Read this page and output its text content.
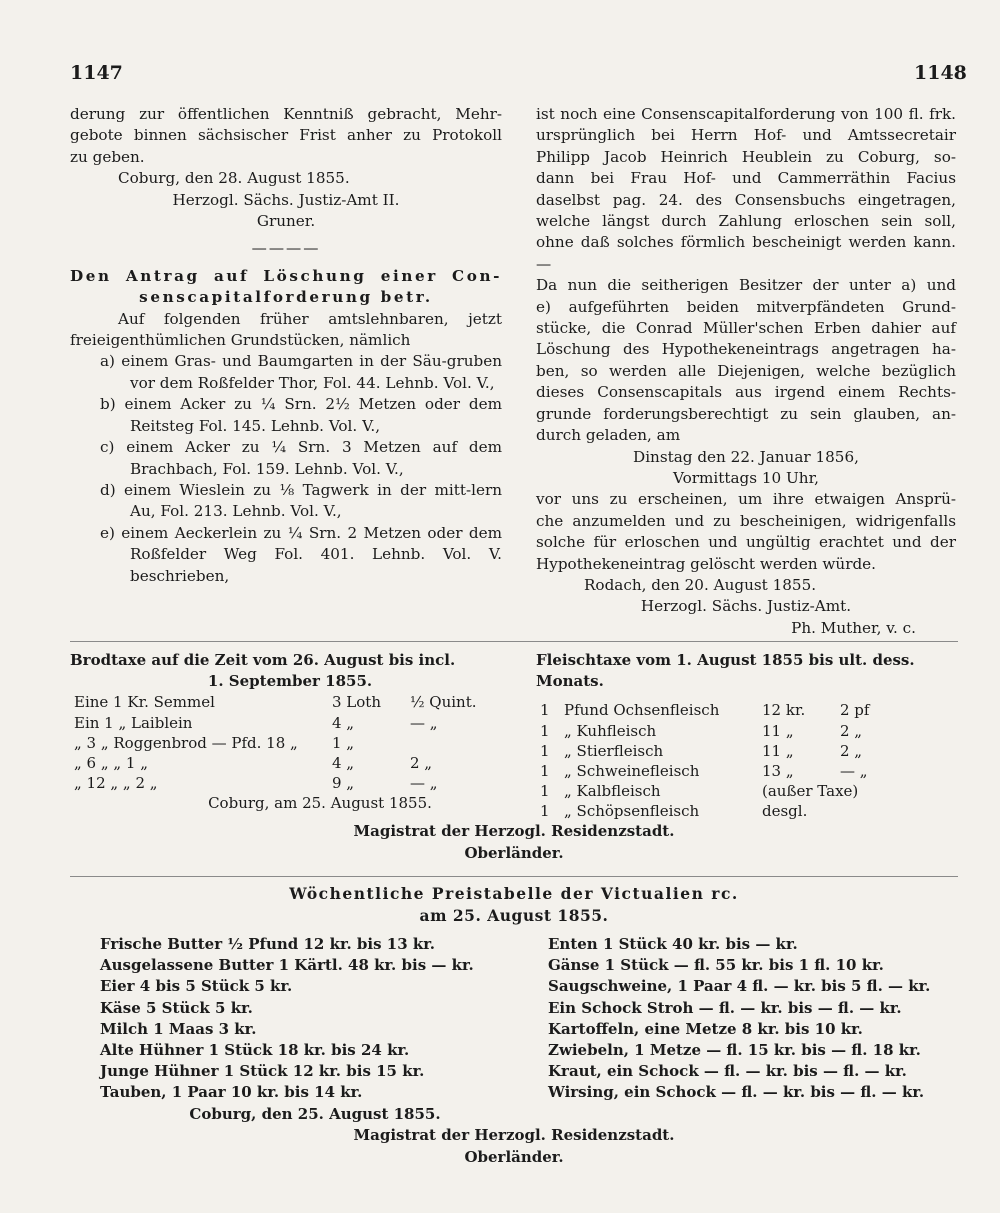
1147	1148

derung zur öffentlichen Kenntniß gebracht, Mehr-

gebote binnen sächsischer Frist anher zu Protokoll

zu geben.

Coburg, den 28. August 1855.

Herzogl. Sächs. Justiz-Amt II.

Gruner.

————

Den Antrag auf Löschung einer Con-

senscapitalforderung betr.

Auf folgenden früher amtslehnbaren, jetzt

freieigenthümlichen Grundstücken, nämlich

a) einem Gras- und Baumgarten in der Säu-gruben vor dem Roßfelder Thor, Fol. 44. Lehnb. Vol. V.,

b) einem Acker zu ¼ Srn. 2½ Metzen oder dem Reitsteg Fol. 145. Lehnb. Vol. V.,

c) einem Acker zu ¼ Srn. 3 Metzen auf dem Brachbach, Fol. 159. Lehnb. Vol. V.,

d) einem Wieslein zu ⅛ Tagwerk in der mitt-lern Au, Fol. 213. Lehnb. Vol. V.,

e) einem Aeckerlein zu ¼ Srn. 2 Metzen oder dem Roßfelder Weg Fol. 401. Lehnb. Vol. V. beschrieben,

ist noch eine Consenscapitalforderung von 100 fl. frk.

ursprünglich bei Herrn Hof- und Amtssecretair

Philipp Jacob Heinrich Heublein zu Coburg, so-

dann bei Frau Hof- und Cammerräthin Facius

daselbst pag. 24. des Consensbuchs eingetragen,

welche längst durch Zahlung erloschen sein soll,

ohne daß solches förmlich bescheinigt werden kann.—

Da nun die seitherigen Besitzer der unter a) und

e) aufgeführten beiden mitverpfändeten Grund-

stücke, die Conrad Müller'schen Erben dahier auf

Löschung des Hypothekeneintrags angetragen ha-

ben, so werden alle Diejenigen, welche bezüglich

dieses Consenscapitals aus irgend einem Rechts-

grunde forderungsberechtigt zu sein glauben, an-

durch geladen, am

Dinstag den 22. Januar 1856,

Vormittags 10 Uhr,

vor uns zu erscheinen, um ihre etwaigen Ansprü-

che anzumelden und zu bescheinigen, widrigenfalls

solche für erloschen und ungültig erachtet und der

Hypothekeneintrag gelöscht werden würde.

Rodach, den 20. August 1855.

Herzogl. Sächs. Justiz-Amt.

Ph. Muther, v. c.

Brodtaxe auf die Zeit vom 26. August bis incl.
1. September 1855.
Eine 1 Kr. Semmel	3 Loth	½ Quint.
Ein 1 „ Laiblein	4 „	— „
„ 3 „ Roggenbrod — Pfd. 18 „	1 „	
„ 6 „ „ 1 „	4 „	2 „
„ 12 „ „ 2 „	9 „	— „
Coburg, am 25. August 1855.
Fleischtaxe vom 1. August 1855 bis ult. dess. Monats.
1	Pfund Ochsenfleisch	12 kr.	2 pf
1	„ Kuhfleisch	11 „	2 „
1	„ Stierfleisch	11 „	2 „
1	„ Schweinefleisch	13 „	— „
1	„ Kalbfleisch	(außer Taxe)	
1	„ Schöpsenfleisch	desgl.	
Magistrat der Herzogl. Residenzstadt.
Oberländer.
Wöchentliche Preistabelle der Victualien rc.
am 25. August 1855.

Frische Butter ½ Pfund 12 kr. bis 13 kr.

Ausgelassene Butter 1 Kärtl. 48 kr. bis — kr.

Eier 4 bis 5 Stück 5 kr.

Käse 5 Stück 5 kr.

Milch 1 Maas 3 kr.

Alte Hühner 1 Stück 18 kr. bis 24 kr.

Junge Hühner 1 Stück 12 kr. bis 15 kr.

Tauben, 1 Paar 10 kr. bis 14 kr.

Coburg, den 25. August 1855.

Enten 1 Stück 40 kr. bis — kr.

Gänse 1 Stück — fl. 55 kr. bis 1 fl. 10 kr.

Saugschweine, 1 Paar 4 fl. — kr. bis 5 fl. — kr.

Ein Schock Stroh — fl. — kr. bis — fl. — kr.

Kartoffeln, eine Metze 8 kr. bis 10 kr.

Zwiebeln, 1 Metze — fl. 15 kr. bis — fl. 18 kr.

Kraut, ein Schock — fl. — kr. bis — fl. — kr.

Wirsing, ein Schock — fl. — kr. bis — fl. — kr.

Magistrat der Herzogl. Residenzstadt.
Oberländer.
